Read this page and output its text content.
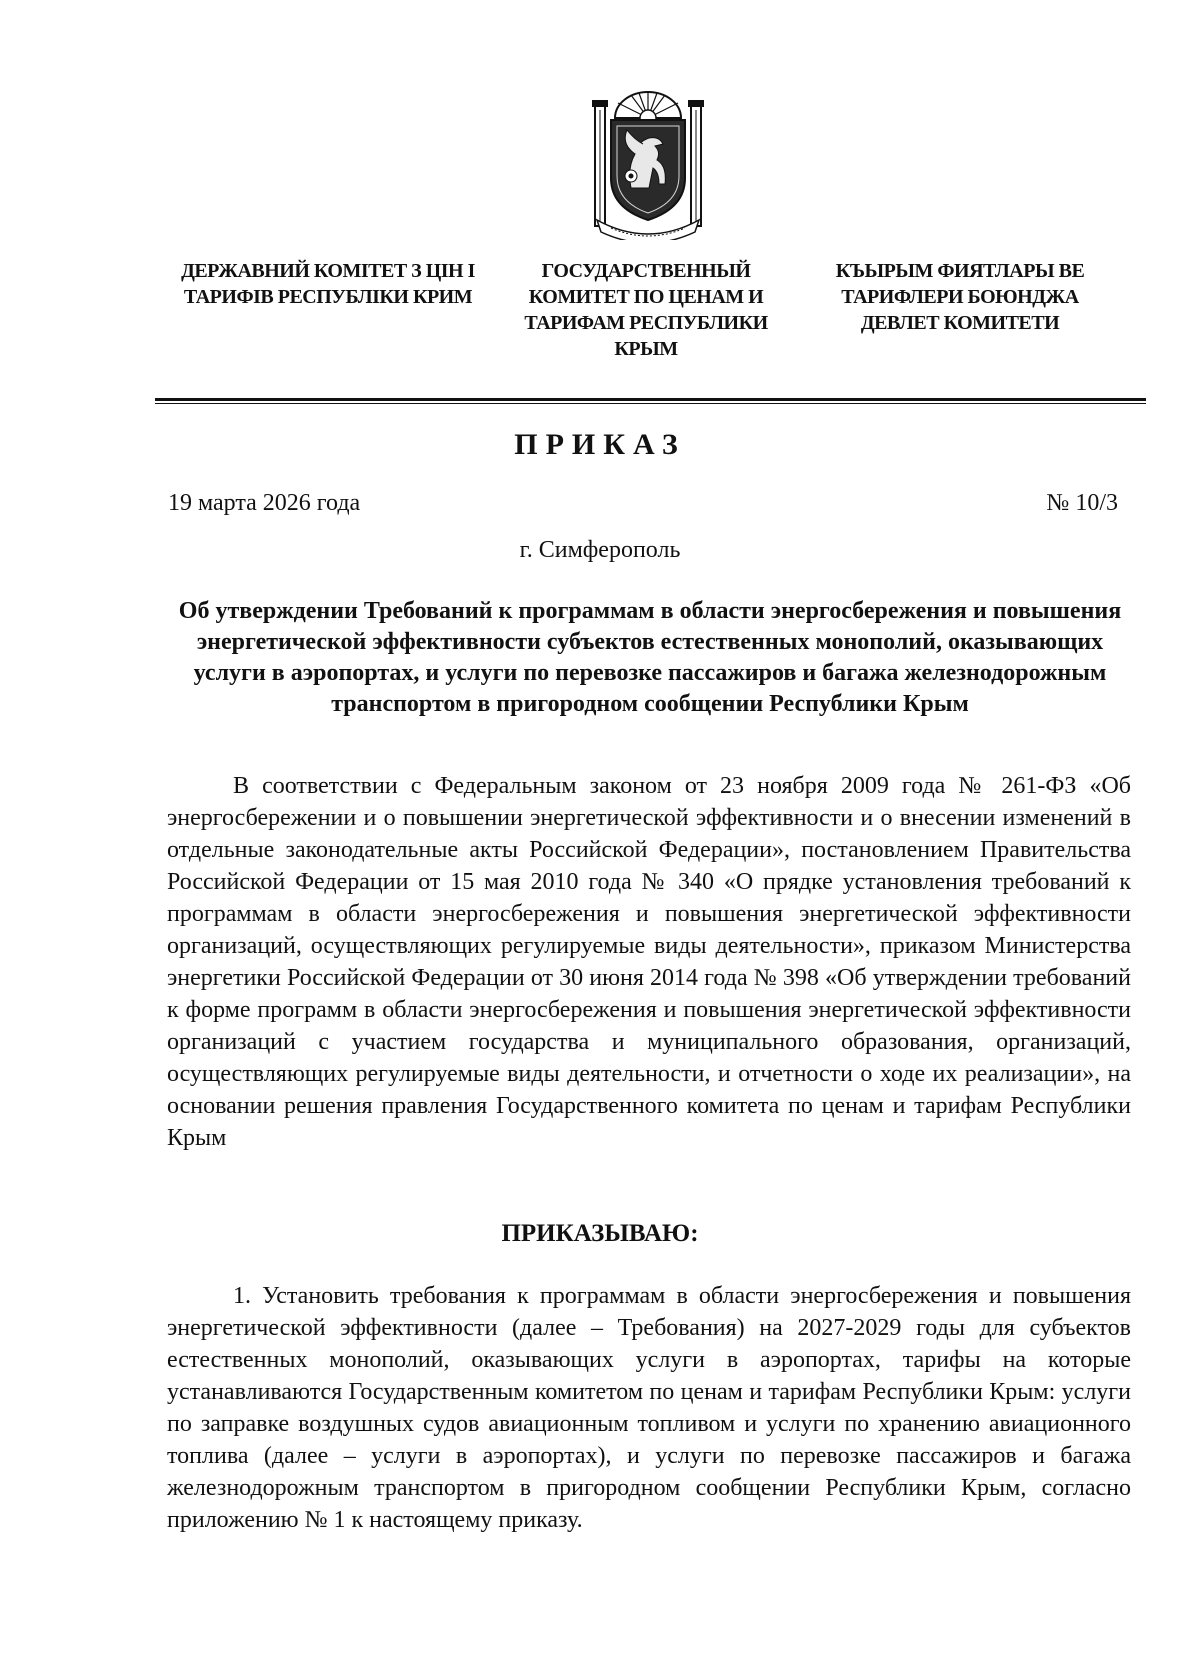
ДЕРЖАВНИЙ КОМІТЕТ З ЦІН І ТАРИФІВ РЕСПУБЛІКИ КРИМ
ГОСУДАРСТВЕННЫЙ КОМИТЕТ ПО ЦЕНАМ И ТАРИФАМ РЕСПУБЛИКИ КРЫМ
КЪЫРЫМ ФИЯТЛАРЫ ВЕ ТАРИФЛЕРИ БОЮНДЖА ДЕВЛЕТ КОМИТЕТИ
ПРИКАЗ
19 марта 2026 года	№ 10/3
г. Симферополь
Об утверждении Требований к программам в области энергосбережения и повышения энергетической эффективности субъектов естественных монополий, оказывающих услуги в аэропортах, и услуги по перевозке пассажиров и багажа железнодорожным транспортом в пригородном сообщении Республики Крым
В соответствии с Федеральным законом от 23 ноября 2009 года № 261-ФЗ «Об энергосбережении и о повышении энергетической эффективности и о внесении изменений в отдельные законодательные акты Российской Федерации», постановлением Правительства Российской Федерации от 15 мая 2010 года № 340 «О прядке установления требований к программам в области энергосбережения и повышения энергетической эффективности организаций, осуществляющих регулируемые виды деятельности», приказом Министерства энергетики Российской Федерации от 30 июня 2014 года № 398 «Об утверждении требований к форме программ в области энергосбережения и повышения энергетической эффективности организаций с участием государства и муниципального образования, организаций, осуществляющих регулируемые виды деятельности, и отчетности о ходе их реализации», на основании решения правления Государственного комитета по ценам и тарифам Республики Крым
ПРИКАЗЫВАЮ:
1. Установить требования к программам в области энергосбережения и повышения энергетической эффективности (далее – Требования) на 2027-2029 годы для субъектов естественных монополий, оказывающих услуги в аэропортах, тарифы на которые устанавливаются Государственным комитетом по ценам и тарифам Республики Крым: услуги по заправке воздушных судов авиационным топливом и услуги по хранению авиационного топлива (далее – услуги в аэропортах), и услуги по перевозке пассажиров и багажа железнодорожным транспортом в пригородном сообщении Республики Крым, согласно приложению № 1 к настоящему приказу.
